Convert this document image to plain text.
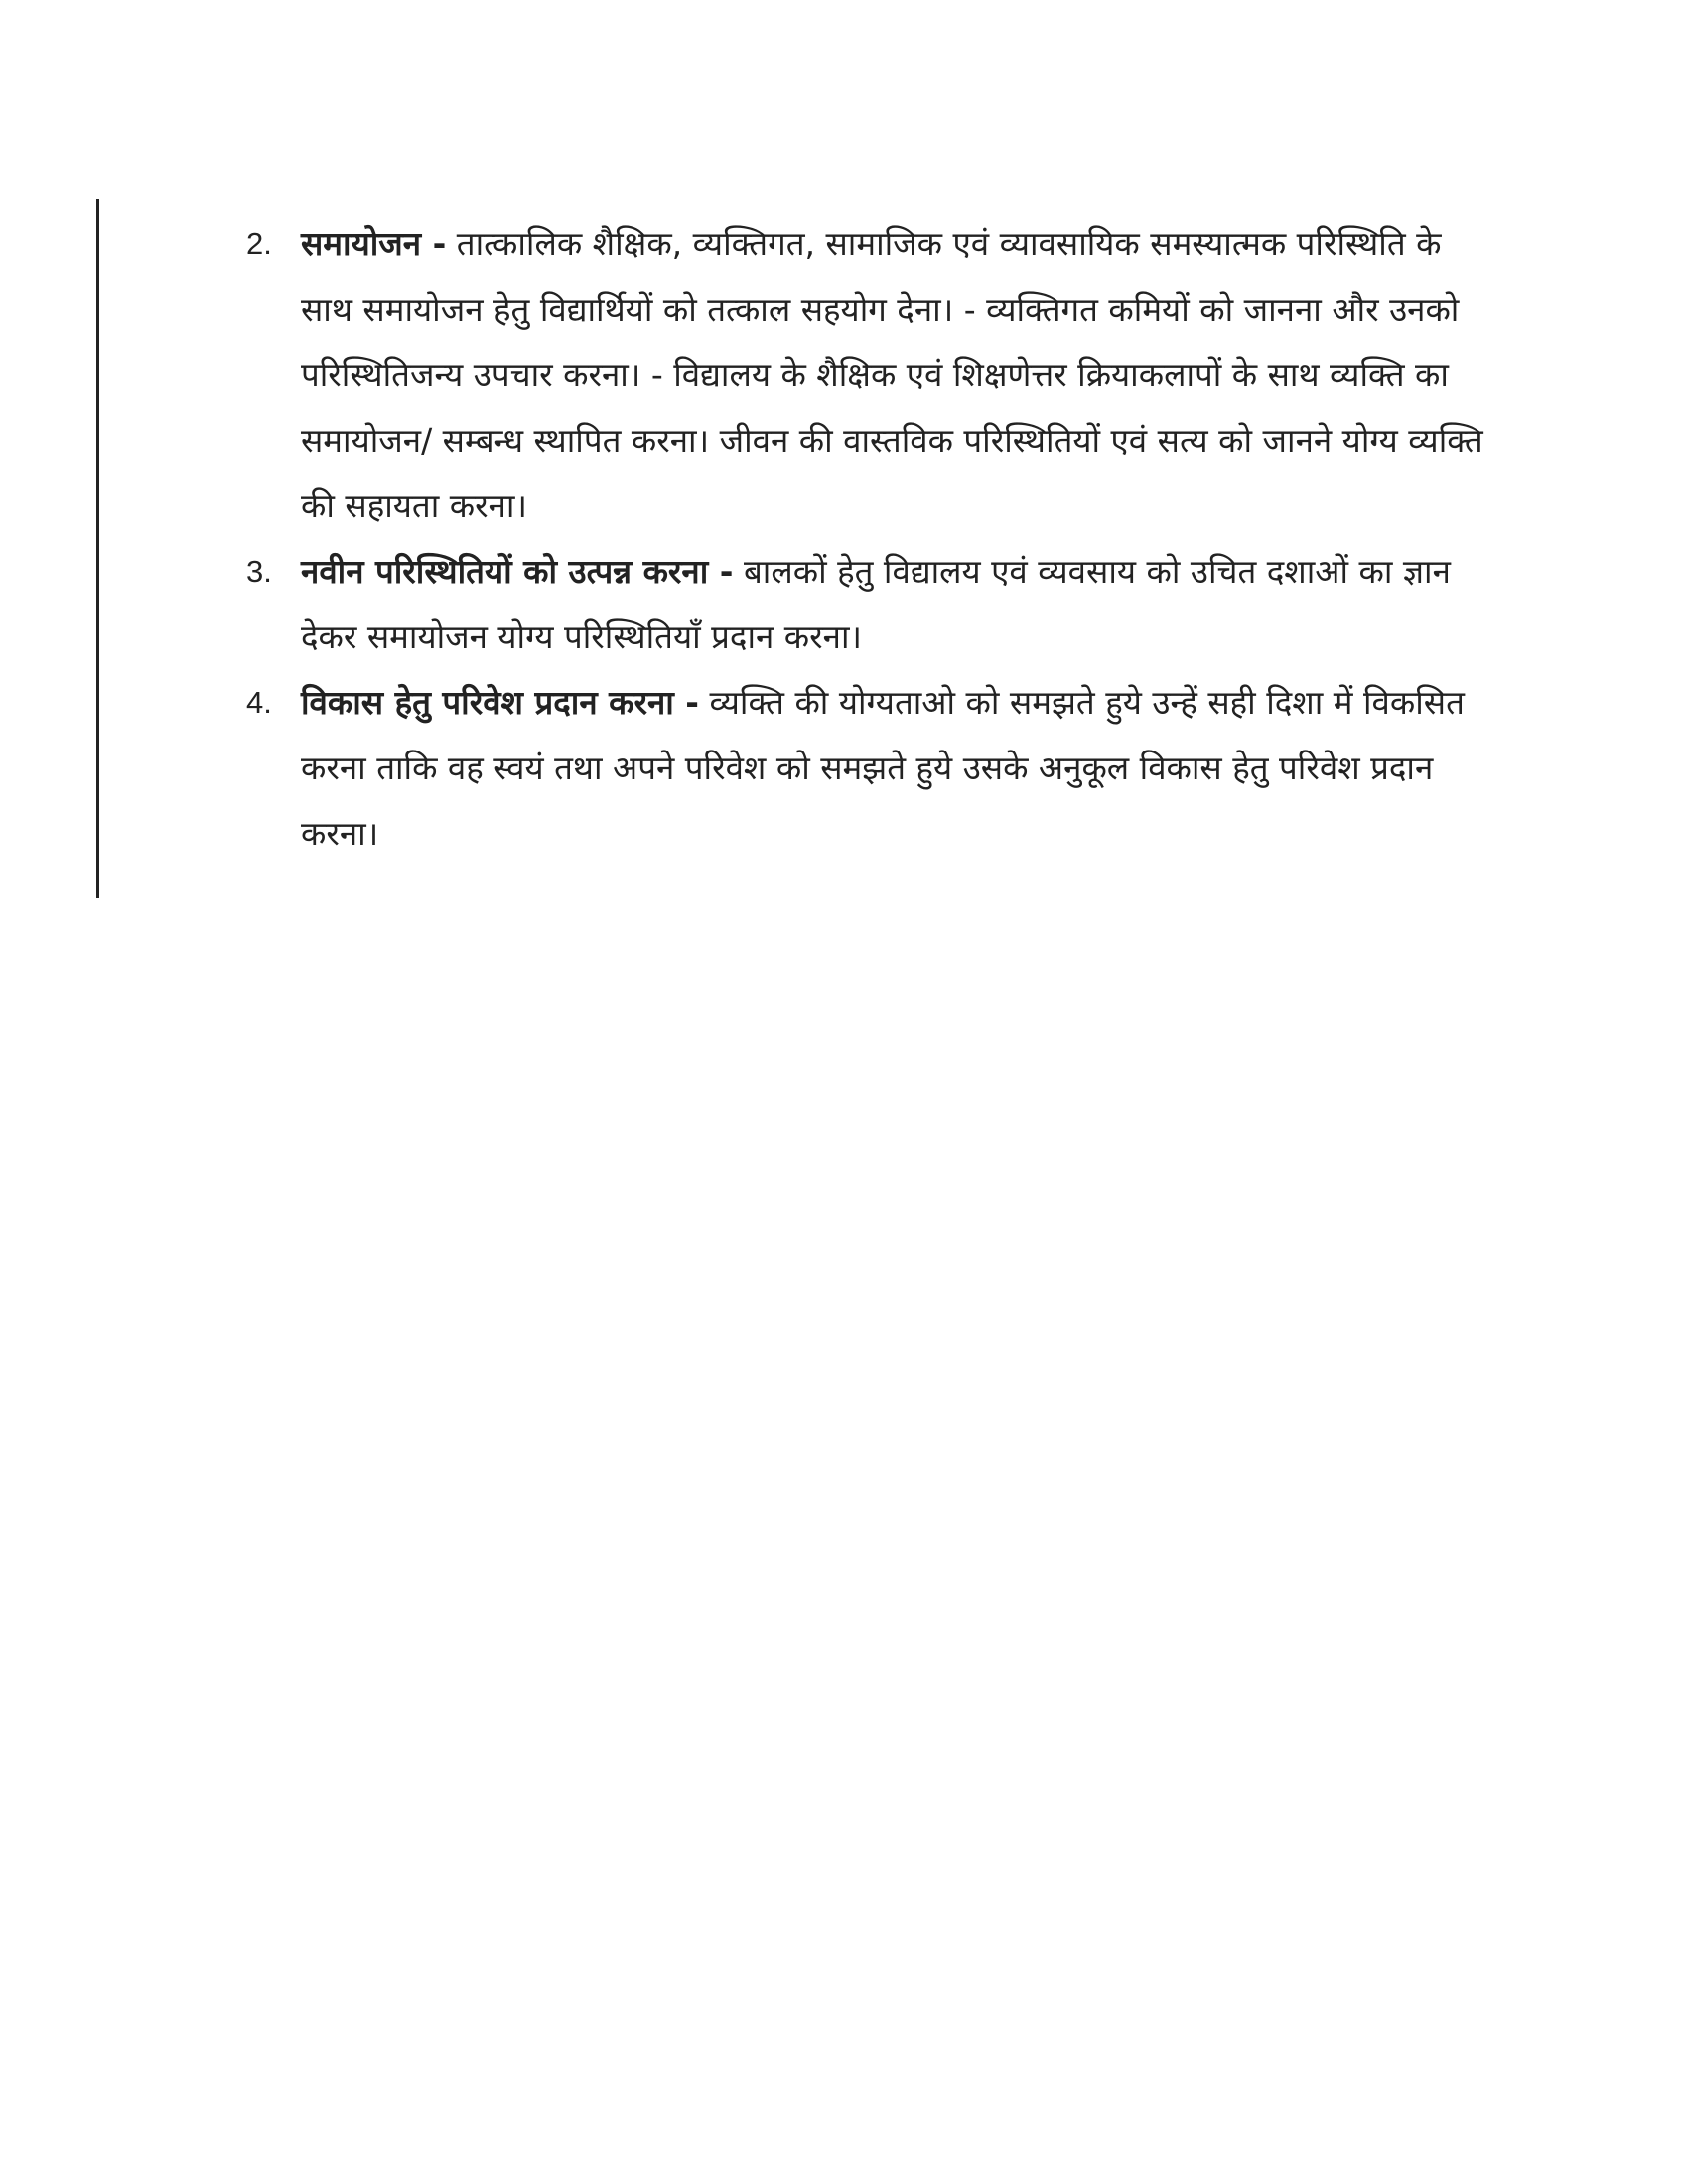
2. समायोजन - तात्कालिक शैक्षिक, व्यक्तिगत, सामाजिक एवं व्यावसायिक समस्यात्मक परिस्थिति के साथ समायोजन हेतु विद्यार्थियों को तत्काल सहयोग देना। - व्यक्तिगत कमियों को जानना और उनको परिस्थितिजन्य उपचार करना। - विद्यालय के शैक्षिक एवं शिक्षणेत्तर क्रियाकलापों के साथ व्यक्ति का समायोजन/ सम्बन्ध स्थापित करना। जीवन की वास्तविक परिस्थितियों एवं सत्य को जानने योग्य व्यक्ति की सहायता करना।
3. नवीन परिस्थितियों को उत्पन्न करना - बालकों हेतु विद्यालय एवं व्यवसाय को उचित दशाओं का ज्ञान देकर समायोजन योग्य परिस्थितियाँ प्रदान करना।
4. विकास हेतु परिवेश प्रदान करना - व्यक्ति की योग्यताओ को समझते हुये उन्हें सही दिशा में विकसित करना ताकि वह स्वयं तथा अपने परिवेश को समझते हुये उसके अनुकूल विकास हेतु परिवेश प्रदान करना।
